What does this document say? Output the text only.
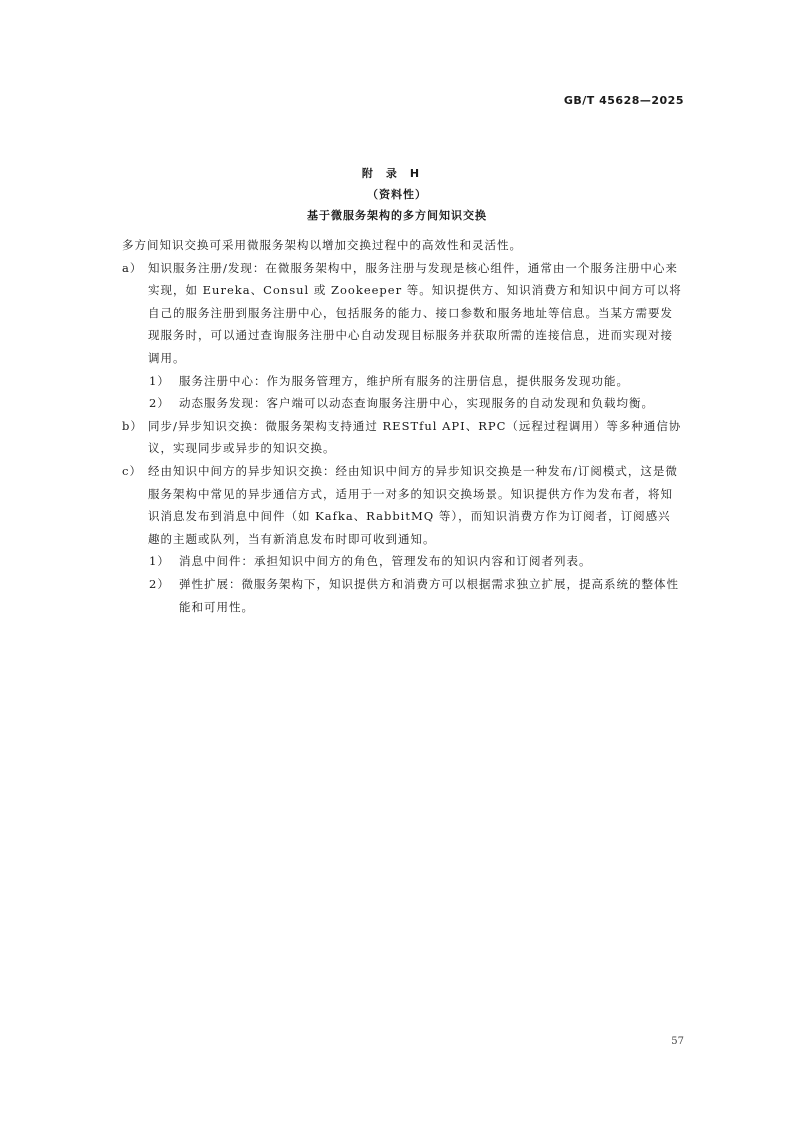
GB/T 45628—2025
附录H
（资料性）
基于微服务架构的多方间知识交换

多方间知识交换可采用微服务架构以增加交换过程中的高效性和灵活性。

a） 知识服务注册/发现：在微服务架构中，服务注册与发现是核心组件，通常由一个服务注册中心来实现，如 Eureka、Consul 或 Zookeeper 等。知识提供方、知识消费方和知识中间方可以将自己的服务注册到服务注册中心，包括服务的能力、接口参数和服务地址等信息。当某方需要发现服务时，可以通过查询服务注册中心自动发现目标服务并获取所需的连接信息，进而实现对接调用。
1） 服务注册中心：作为服务管理方，维护所有服务的注册信息，提供服务发现功能。
2） 动态服务发现：客户端可以动态查询服务注册中心，实现服务的自动发现和负载均衡。
b） 同步/异步知识交换：微服务架构支持通过 RESTful API、RPC（远程过程调用）等多种通信协议，实现同步或异步的知识交换。
c） 经由知识中间方的异步知识交换：经由知识中间方的异步知识交换是一种发布/订阅模式，这是微服务架构中常见的异步通信方式，适用于一对多的知识交换场景。知识提供方作为发布者，将知识消息发布到消息中间件（如 Kafka、RabbitMQ 等），而知识消费方作为订阅者，订阅感兴趣的主题或队列，当有新消息发布时即可收到通知。
1） 消息中间件：承担知识中间方的角色，管理发布的知识内容和订阅者列表。
2） 弹性扩展：微服务架构下，知识提供方和消费方可以根据需求独立扩展，提高系统的整体性能和可用性。
57
